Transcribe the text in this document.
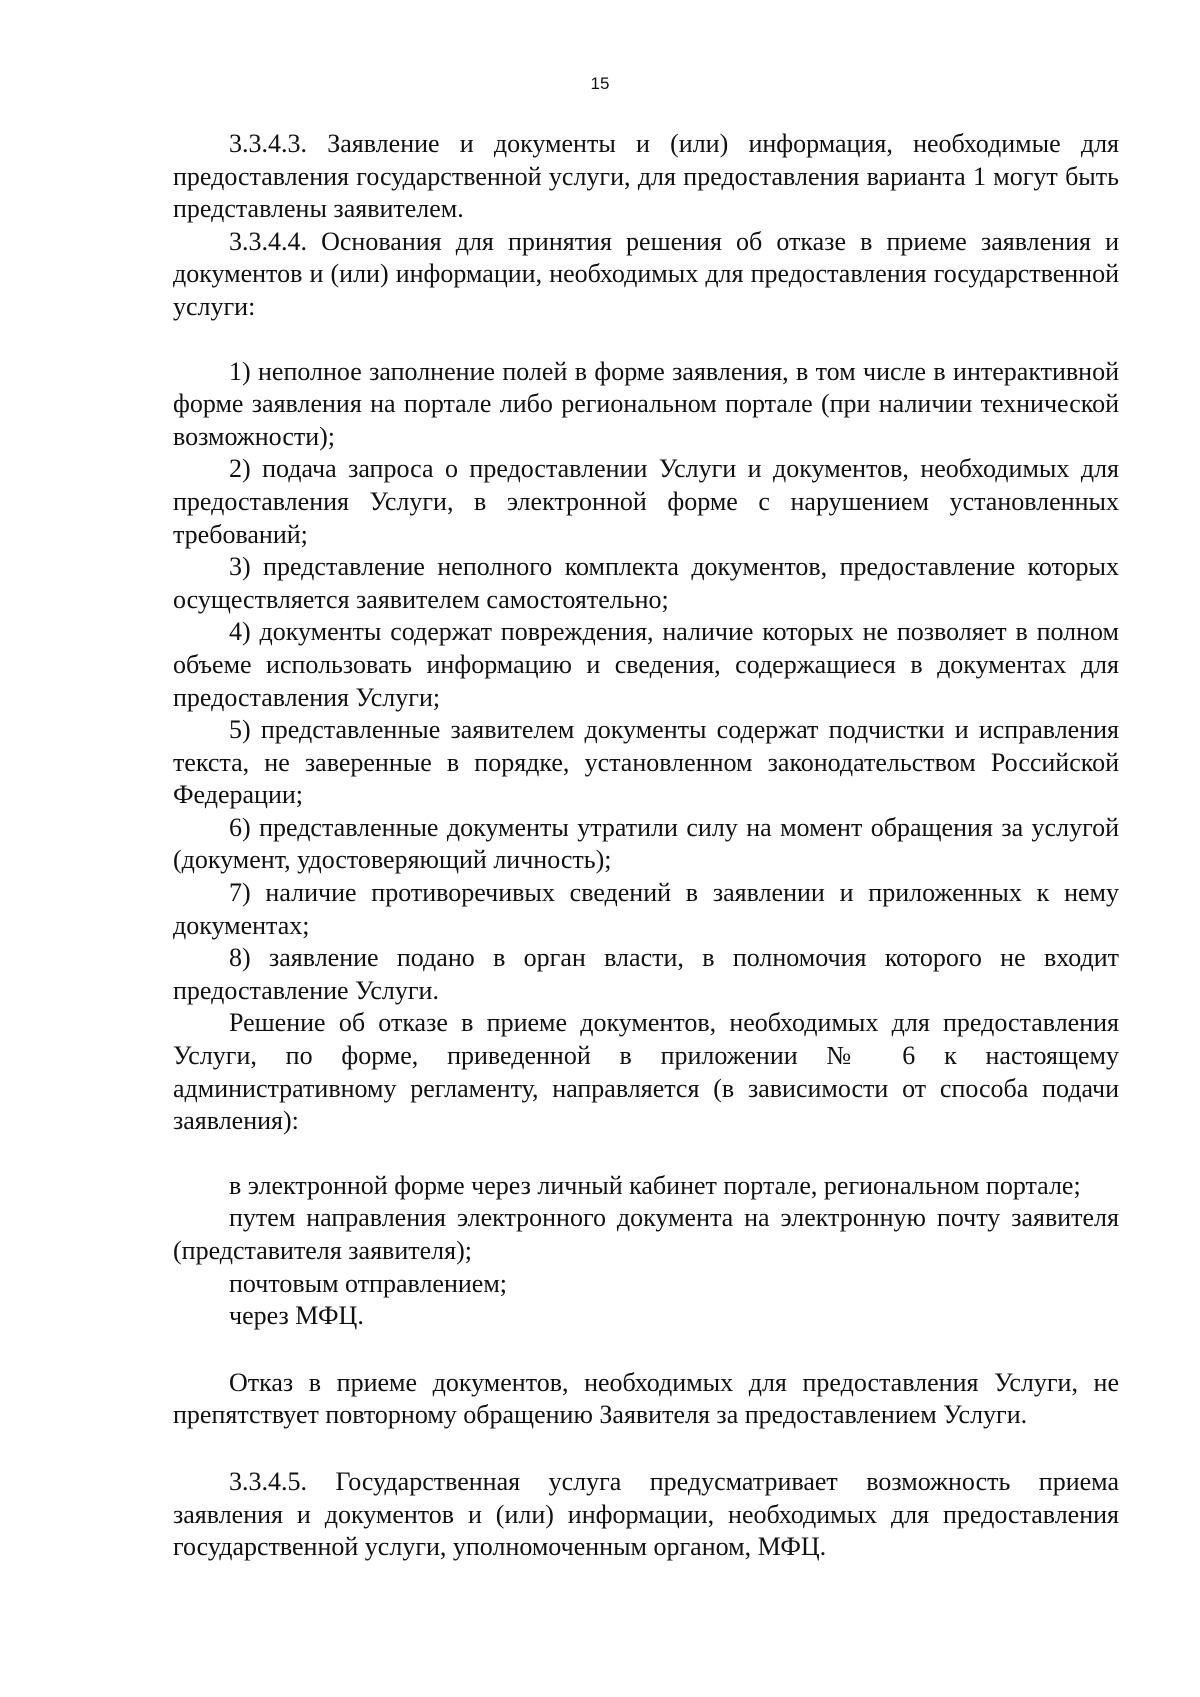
15

3.3.4.3. Заявление и документы и (или) информация, необходимые для предоставления государственной услуги, для предоставления варианта 1 могут быть представлены заявителем.

3.3.4.4. Основания для принятия решения об отказе в приеме заявления и документов и (или) информации, необходимых для предоставления государственной услуги:

1) неполное заполнение полей в форме заявления, в том числе в интерактивной форме заявления на портале либо региональном портале (при наличии технической возможности);

2) подача запроса о предоставлении Услуги и документов, необходимых для предоставления Услуги, в электронной форме с нарушением установленных требований;

3) представление неполного комплекта документов, предоставление которых осуществляется заявителем самостоятельно;

4) документы содержат повреждения, наличие которых не позволяет в полном объеме использовать информацию и сведения, содержащиеся в документах для предоставления Услуги;

5) представленные заявителем документы содержат подчистки и исправления текста, не заверенные в порядке, установленном законодательством Российской Федерации;

6) представленные документы утратили силу на момент обращения за услугой (документ, удостоверяющий личность);

7) наличие противоречивых сведений в заявлении и приложенных к нему документах;

8) заявление подано в орган власти, в полномочия которого не входит предоставление Услуги.

Решение об отказе в приеме документов, необходимых для предоставления Услуги, по форме, приведенной в приложении № 6 к настоящему административному регламенту, направляется (в зависимости от способа подачи заявления):

в электронной форме через личный кабинет портале, региональном портале;

путем направления электронного документа на электронную почту заявителя (представителя заявителя);

почтовым отправлением;

через МФЦ.

Отказ в приеме документов, необходимых для предоставления Услуги, не препятствует повторному обращению Заявителя за предоставлением Услуги.

3.3.4.5. Государственная услуга предусматривает возможность приема заявления и документов и (или) информации, необходимых для предоставления государственной услуги, уполномоченным органом, МФЦ.
